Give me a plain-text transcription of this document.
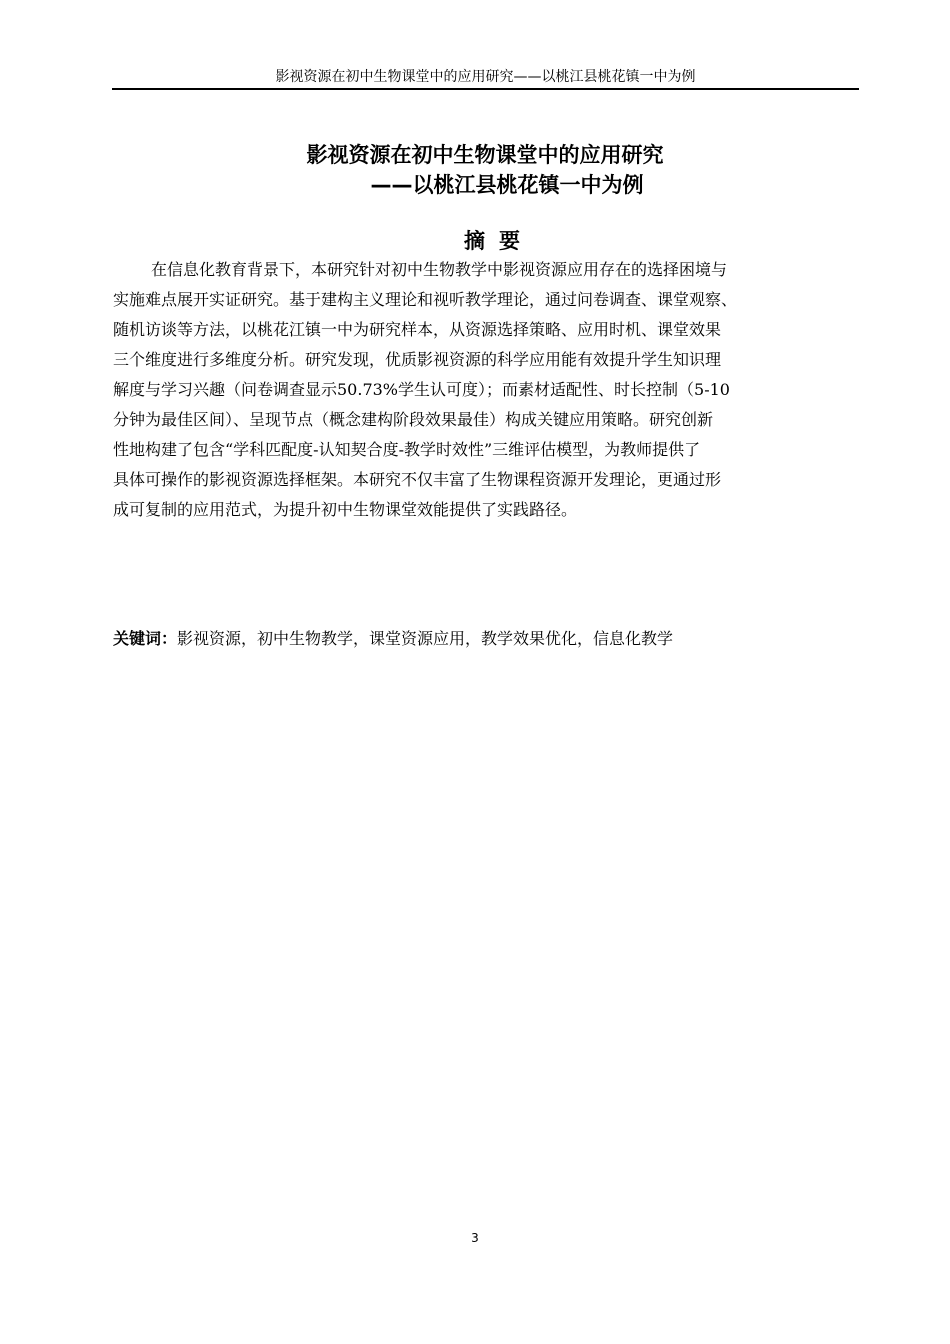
影视资源在初中生物课堂中的应用研究——以桃江县桃花镇一中为例
影视资源在初中生物课堂中的应用研究
——以桃江县桃花镇一中为例
摘要
在信息化教育背景下，本研究针对初中生物教学中影视资源应用存在的选择困境与
实施难点展开实证研究。基于建构主义理论和视听教学理论，通过问卷调查、课堂观察、
随机访谈等方法，以桃花江镇一中为研究样本，从资源选择策略、应用时机、课堂效果
三个维度进行多维度分析。研究发现，优质影视资源的科学应用能有效提升学生知识理
解度与学习兴趣（问卷调查显示50.73%学生认可度）；而素材适配性、时长控制（5-10
分钟为最佳区间）、呈现节点（概念建构阶段效果最佳）构成关键应用策略。研究创新
性地构建了包含“学科匹配度-认知契合度-教学时效性”三维评估模型，为教师提供了
具体可操作的影视资源选择框架。本研究不仅丰富了生物课程资源开发理论，更通过形
成可复制的应用范式，为提升初中生物课堂效能提供了实践路径。
关键词：影视资源，初中生物教学，课堂资源应用，教学效果优化，信息化教学
3
